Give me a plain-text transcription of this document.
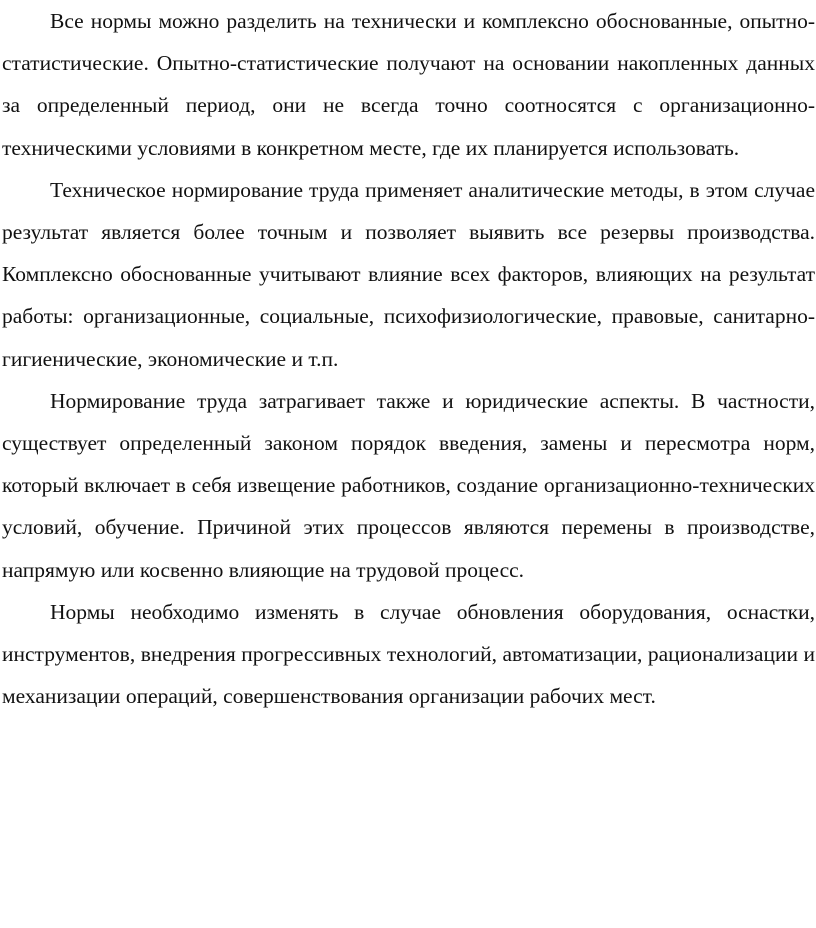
Все нормы можно разделить на технически и комплексно обоснованные, опытно-статистические. Опытно-статистические получают на основании накопленных данных за определенный период, они не всегда точно соотносятся с организационно-техническими условиями в конкретном месте, где их планируется использовать.

Техническое нормирование труда применяет аналитические методы, в этом случае результат является более точным и позволяет выявить все резервы производства. Комплексно обоснованные учитывают влияние всех факторов, влияющих на результат работы: организационные, социальные, психофизиологические, правовые, санитарно-гигиенические, экономические и т.п.

Нормирование труда затрагивает также и юридические аспекты. В частности, существует определенный законом порядок введения, замены и пересмотра норм, который включает в себя извещение работников, создание организационно-технических условий, обучение. Причиной этих процессов являются перемены в производстве, напрямую или косвенно влияющие на трудовой процесс.

Нормы необходимо изменять в случае обновления оборудования, оснастки, инструментов, внедрения прогрессивных технологий, автоматизации, рационализации и механизации операций, совершенствования организации рабочих мест.
